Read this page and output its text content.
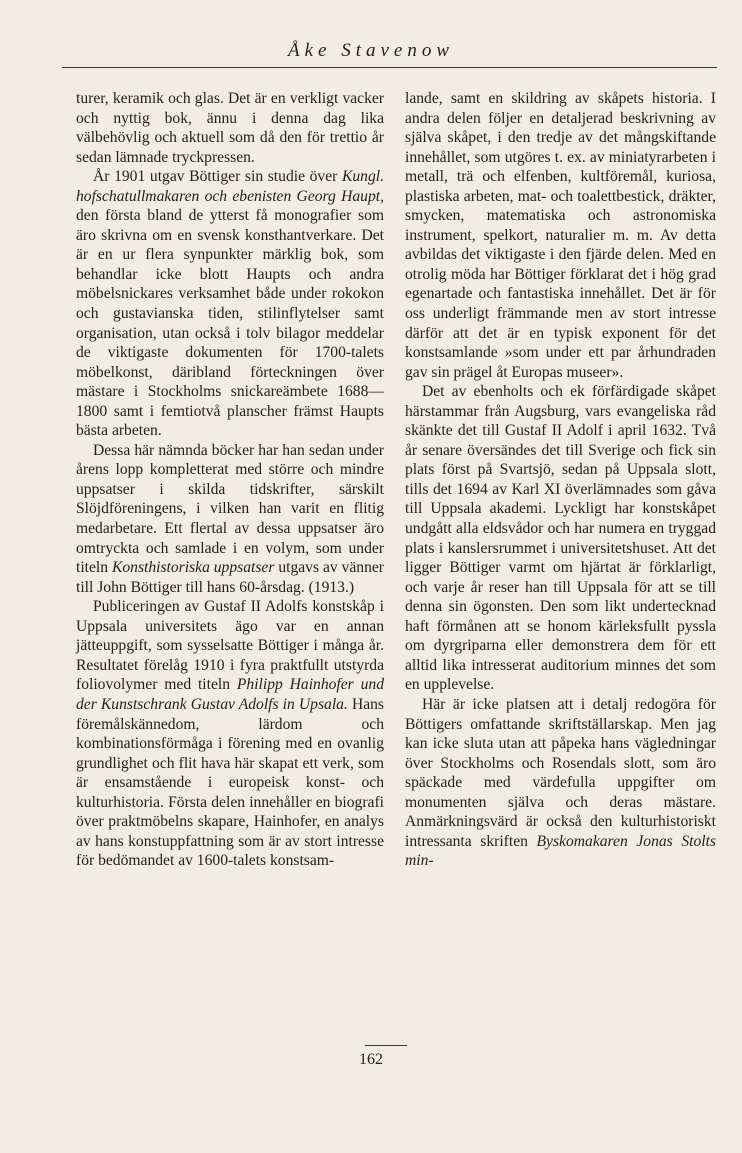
Åke Stavenow

turer, keramik och glas. Det är en verkligt vacker och nyttig bok, ännu i denna dag lika välbehövlig och aktuell som då den för trettio år sedan lämnade tryckpressen.

År 1901 utgav Böttiger sin studie över Kungl. hofschatullmakaren och ebenisten Georg Haupt, den första bland de ytterst få monografier som äro skrivna om en svensk konsthantverkare. Det är en ur flera synpunkter märklig bok, som behandlar icke blott Haupts och andra möbelsnickares verksamhet både under rokokon och gustavianska tiden, stilinflytelser samt organisation, utan också i tolv bilagor meddelar de viktigaste dokumenten för 1700-talets möbelkonst, däribland förteckningen över mästare i Stockholms snickareämbete 1688—1800 samt i femtiotvå planscher främst Haupts bästa arbeten.

Dessa här nämnda böcker har han sedan under årens lopp kompletterat med större och mindre uppsatser i skilda tidskrifter, särskilt Slöjdföreningens, i vilken han varit en flitig medarbetare. Ett flertal av dessa uppsatser äro omtryckta och samlade i en volym, som under titeln Konsthistoriska uppsatser utgavs av vänner till John Böttiger till hans 60-årsdag. (1913.)

Publiceringen av Gustaf II Adolfs konstskåp i Uppsala universitets ägo var en annan jätteuppgift, som sysselsatte Böttiger i många år. Resultatet förelåg 1910 i fyra praktfullt utstyrda foliovolymer med titeln Philipp Hainhofer und der Kunstschrank Gustav Adolfs in Upsala. Hans föremålskännedom, lärdom och kombinationsförmåga i förening med en ovanlig grundlighet och flit hava här skapat ett verk, som är ensamstående i europeisk konst- och kulturhistoria. Första delen innehåller en biografi över praktmöbelns skapare, Hainhofer, en analys av hans konstuppfattning som är av stort intresse för bedömandet av 1600-talets konstsam-

lande, samt en skildring av skåpets historia. I andra delen följer en detaljerad beskrivning av själva skåpet, i den tredje av det mångskiftande innehållet, som utgöres t. ex. av miniatyrarbeten i metall, trä och elfenben, kultföremål, kuriosa, plastiska arbeten, mat- och toalettbestick, dräkter, smycken, matematiska och astronomiska instrument, spelkort, naturalier m. m. Av detta avbildas det viktigaste i den fjärde delen. Med en otrolig möda har Böttiger förklarat det i hög grad egenartade och fantastiska innehållet. Det är för oss underligt främmande men av stort intresse därför att det är en typisk exponent för det konstsamlande »som under ett par århundraden gav sin prägel åt Europas museer».

Det av ebenholts och ek förfärdigade skåpet härstammar från Augsburg, vars evangeliska råd skänkte det till Gustaf II Adolf i april 1632. Två år senare översändes det till Sverige och fick sin plats först på Svartsjö, sedan på Uppsala slott, tills det 1694 av Karl XI överlämnades som gåva till Uppsala akademi. Lyckligt har konstskåpet undgått alla eldsvådor och har numera en tryggad plats i kanslersrummet i universitetshuset. Att det ligger Böttiger varmt om hjärtat är förklarligt, och varje år reser han till Uppsala för att se till denna sin ögonsten. Den som likt undertecknad haft förmånen att se honom kärleksfullt pyssla om dyrgriparna eller demonstrera dem för ett alltid lika intresserat auditorium minnes det som en upplevelse.

Här är icke platsen att i detalj redogöra för Böttigers omfattande skriftställarskap. Men jag kan icke sluta utan att påpeka hans vägledningar över Stockholms och Rosendals slott, som äro späckade med värdefulla uppgifter om monumenten själva och deras mästare. Anmärkningsvärd är också den kulturhistoriskt intressanta skriften Byskomakaren Jonas Stolts min-

162
